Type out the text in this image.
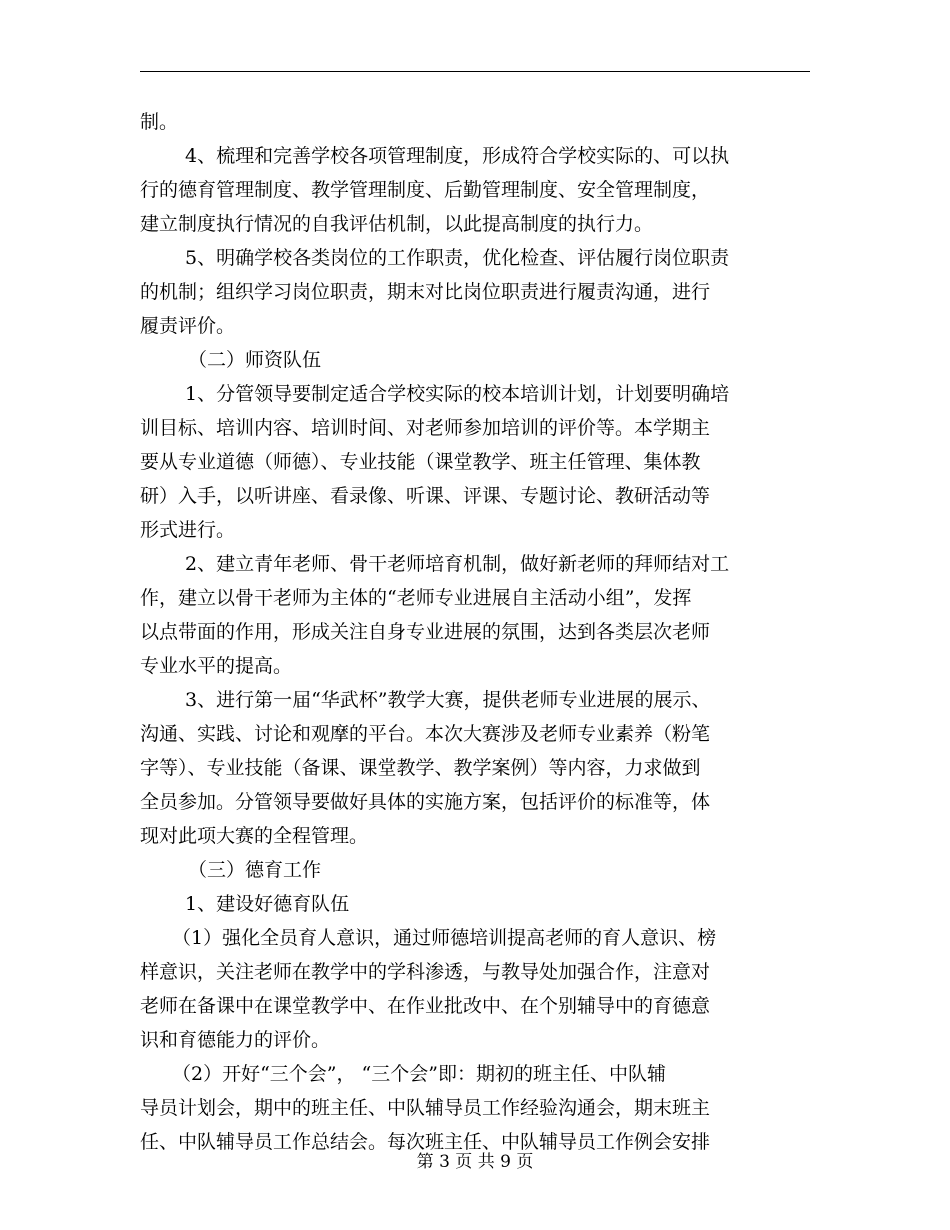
制。
4、梳理和完善学校各项管理制度，形成符合学校实际的、可以执
行的德育管理制度、教学管理制度、后勤管理制度、安全管理制度，
建立制度执行情况的自我评估机制，以此提高制度的执行力。
5、明确学校各类岗位的工作职责，优化检查、评估履行岗位职责
的机制；组织学习岗位职责，期末对比岗位职责进行履责沟通，进行
履责评价。
（二）师资队伍
1、分管领导要制定适合学校实际的校本培训计划，计划要明确培
训目标、培训内容、培训时间、对老师参加培训的评价等。本学期主
要从专业道德（师德）、专业技能（课堂教学、班主任管理、集体教
研）入手，以听讲座、看录像、听课、评课、专题讨论、教研活动等
形式进行。
2、建立青年老师、骨干老师培育机制，做好新老师的拜师结对工
作，建立以骨干老师为主体的“老师专业进展自主活动小组”，发挥
以点带面的作用，形成关注自身专业进展的氛围，达到各类层次老师
专业水平的提高。
3、进行第一届“华武杯”教学大赛，提供老师专业进展的展示、
沟通、实践、讨论和观摩的平台。本次大赛涉及老师专业素养（粉笔
字等）、专业技能（备课、课堂教学、教学案例）等内容，力求做到
全员参加。分管领导要做好具体的实施方案，包括评价的标准等，体
现对此项大赛的全程管理。
（三）德育工作
1、建设好德育队伍
（1）强化全员育人意识，通过师德培训提高老师的育人意识、榜
样意识，关注老师在教学中的学科渗透，与教导处加强合作，注意对
老师在备课中在课堂教学中、在作业批改中、在个别辅导中的育德意
识和育德能力的评价。
（2）开好“三个会”， “三个会”即：期初的班主任、中队辅
导员计划会，期中的班主任、中队辅导员工作经验沟通会，期末班主
任、中队辅导员工作总结会。每次班主任、中队辅导员工作例会安排
第 3 页 共 9 页
